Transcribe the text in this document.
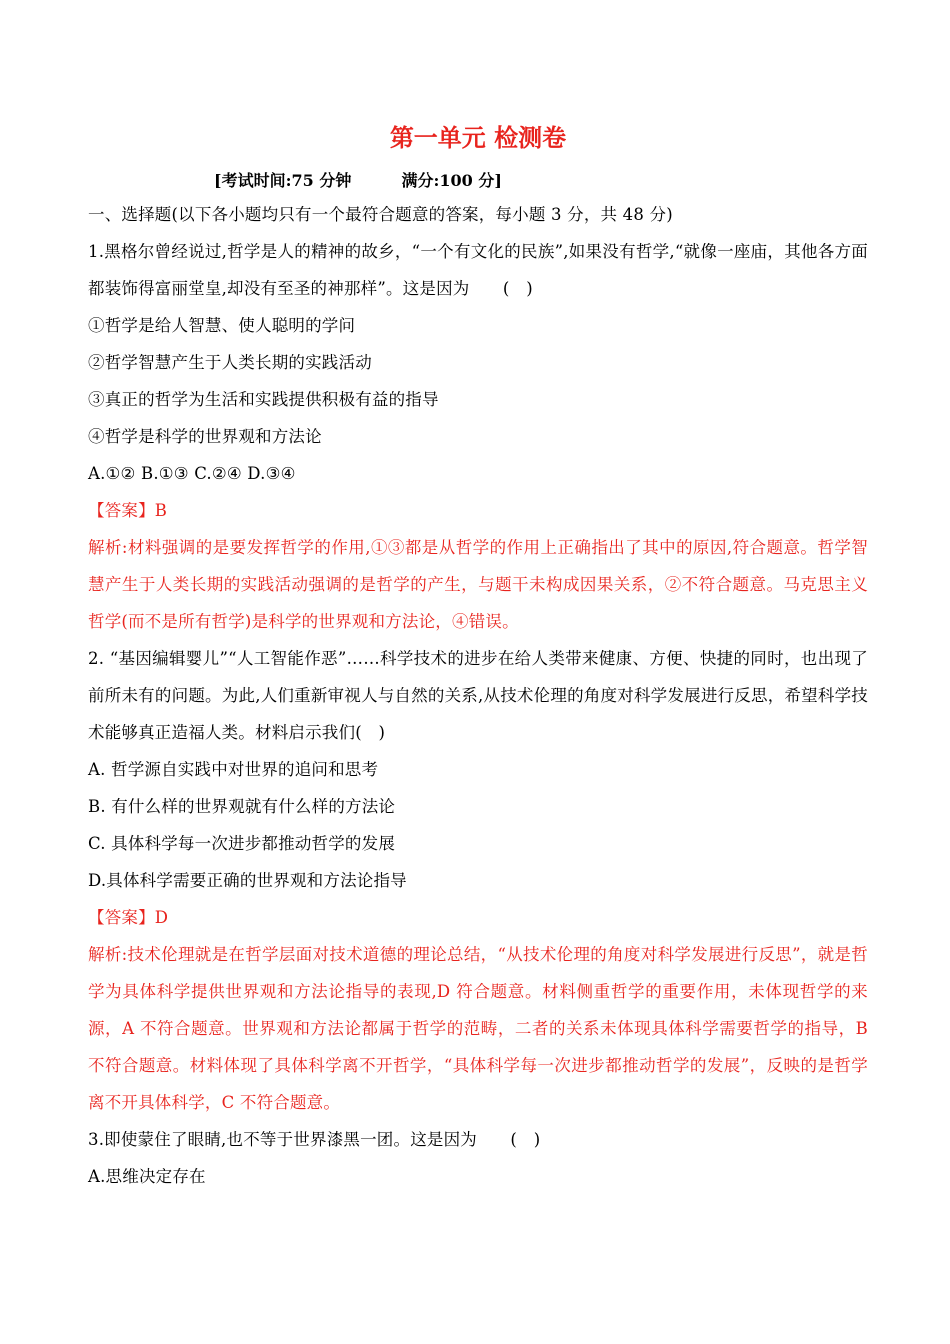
第一单元 检测卷
[考试时间:75 分钟         满分:100 分]
一、选择题(以下各小题均只有一个最符合题意的答案，每小题 3 分，共 48 分)
1.黑格尔曾经说过,哲学是人的精神的故乡，“一个有文化的民族”,如果没有哲学,“就像一座庙，其他各方面都装饰得富丽堂皇,却没有至圣的神那样”。这是因为　　(　)
①哲学是给人智慧、使人聪明的学问
②哲学智慧产生于人类长期的实践活动
③真正的哲学为生活和实践提供积极有益的指导
④哲学是科学的世界观和方法论
A.①② B.①③ C.②④ D.③④
【答案】B
解析:材料强调的是要发挥哲学的作用,①③都是从哲学的作用上正确指出了其中的原因,符合题意。哲学智慧产生于人类长期的实践活动强调的是哲学的产生，与题干未构成因果关系，②不符合题意。马克思主义哲学(而不是所有哲学)是科学的世界观和方法论，④错误。
2. “基因编辑婴儿”“人工智能作恶”……科学技术的进步在给人类带来健康、方便、快捷的同时，也出现了前所未有的问题。为此,人们重新审视人与自然的关系,从技术伦理的角度对科学发展进行反思，希望科学技术能够真正造福人类。材料启示我们(　)
A. 哲学源自实践中对世界的追问和思考
B. 有什么样的世界观就有什么样的方法论
C. 具体科学每一次进步都推动哲学的发展
D.具体科学需要正确的世界观和方法论指导
【答案】D
解析:技术伦理就是在哲学层面对技术道德的理论总结，“从技术伦理的角度对科学发展进行反思”，就是哲学为具体科学提供世界观和方法论指导的表现,D 符合题意。材料侧重哲学的重要作用，未体现哲学的来源，A 不符合题意。世界观和方法论都属于哲学的范畴，二者的关系未体现具体科学需要哲学的指导，B 不符合题意。材料体现了具体科学离不开哲学，“具体科学每一次进步都推动哲学的发展”，反映的是哲学离不开具体科学，C 不符合题意。
3.即使蒙住了眼睛,也不等于世界漆黑一团。这是因为　　(　)
A.思维决定存在
